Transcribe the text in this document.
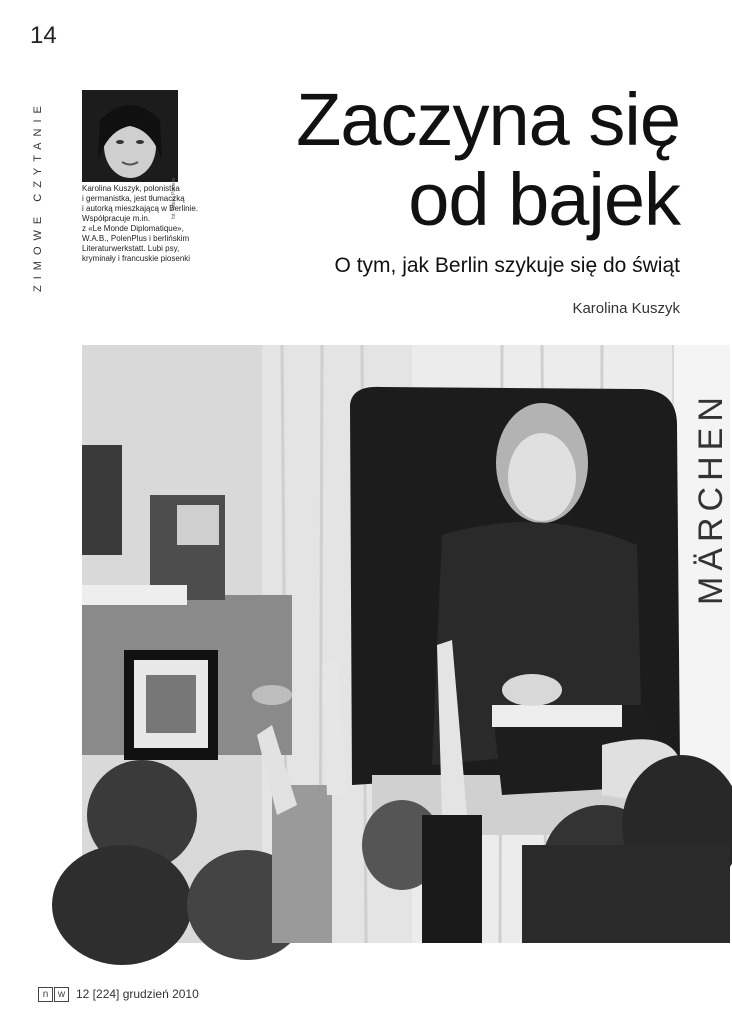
14
ZIMOWE CZYTANIE	fot. Tobias Pianeta
Karolina Kuszyk, polonistka
i germanistka, jest tłumaczką
i autorką mieszkającą w Berlinie.
Współpracuje m.in.
z «Le Monde Diplomatique»,
W.A.B., PolenPlus i berlińskim
Literaturwerkstatt. Lubi psy,
kryminały i francuskie piosenki
Zaczyna się
od bajek
O tym, jak Berlin szykuje się do świąt
Karolina Kuszyk
MÄRCHEN
n w 12 [224] grudzień 2010
